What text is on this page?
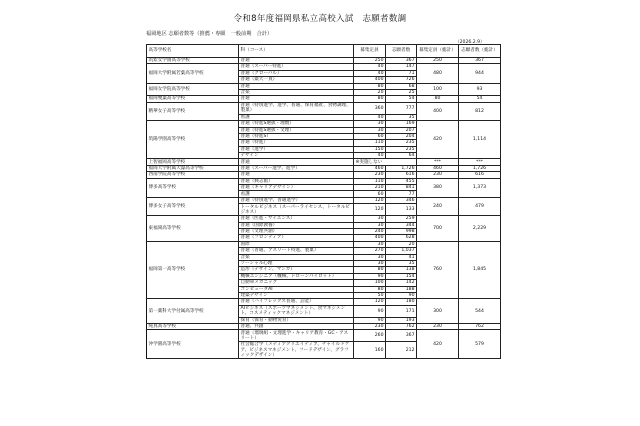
令和8年度福岡県私立高校入試　志願者数調
福岡地区 志願者数等（推薦・専願　一般前期　合計）
（2026.2.9）
高等学校名	科（コース）	募集定員	志願者数	募集定員（総計）	志願者数（総計）
筑紫女学園高等学校	普通	250	367	250	367
福岡大学附属若葉高等学校	普通（スーパー特進）	40	147	480	944
	普通（グローバル）	40	71		
	普通（薬大一貫）	400	726		
福岡女学院高等学校	普通	80	68	100	93
	音楽	20	25		
福岡雙葉高等学校	普通	80	54	80	54
精華女子高等学校	普通（特別進学、進学、普通、保育福祉、食物調理、製菓）	360	777	400	812
	看護	40	35		
筑陽学園高等学校	普通（特進S選抜・理数）	30	169	420	1,114
	普通（特進S選抜・文理）	30	207		
	普通（特進S）	60	204		
	普通（特進）	110	235		
	普通（進学）	150	235		
	デザイン	40	64		
上智福岡高等学校	普通	※実施しない		***	***
福岡大学附属大濠高等学校	普通（スーパー進学、進学）	460	1,726	460	1,726
西南学院高等学校	普通	230	616	230	616
博多高等学校	普通（興志館）	110	455	380	1,373
	普通（キャリアデザイン）	210	841		
	看護	60	77		
博多女子高等学校	普通（特別進学、普通進学）	120	346	240	479
	トータルビジネス（スーパーライセンス、トータルビジネス）	120	133		
東福岡高等学校	普通（医進・サイエンス）	30	259	700	2,229
	普通（国際教養）	30	344		
	普通（文理共創）	240	998		
	普通（フロンティア）	400	628		
福岡第一高等学校	国際	30	20	760	1,845
	普通（普通、アスリート特進、製菓）	270	1,037		
	音楽	30	41		
	ソーシャル心理	30	35		
	造形（デザイン、マンガ）	80	138		
	機械エンジニア（機械、ドローンパイロット）	90	154		
	自動車メカニック	100	142		
	コンピュータAI	80	188		
	建築デザイン	50	90		
第一薬科大学付属高等学校	普通（ハイフレックス普通、芸能）	120	180	300	544
	AIビジネス（スポーツマネジメント、食マネジメント、コスメティックマネジメント）	90	171		
	保育（保育・動物愛育）	90	193		
純真高等学校	普通、共創	230	762	230	762
沖学園高等学校	普通（瑠璃組・文理進学・キャリア教育・GC・アスリート）	260	367	420	579
	社会総合学（メディアクリエイティブ、チャイルドケア、ビジネスマネジメント、フードデザイン、グラフィックデザイン）	160	212		
